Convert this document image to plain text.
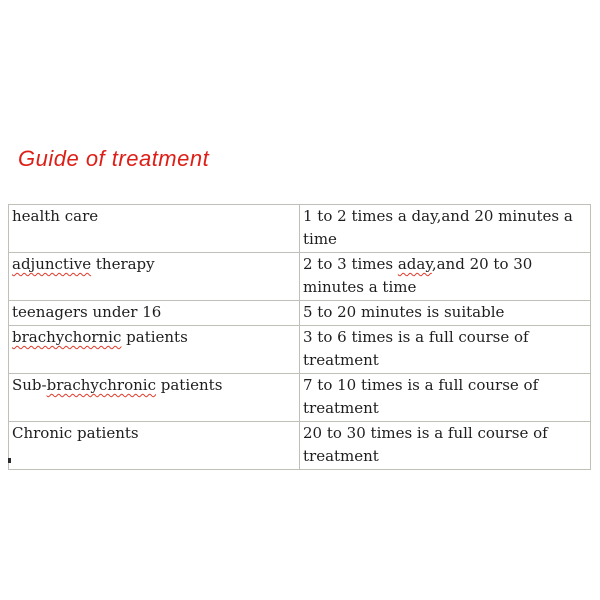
Guide of treatment
health care	1 to 2 times a day,and 20 minutes a time
adjunctive therapy	2 to 3 times aday,and 20 to 30 minutes a time
teenagers under 16	5 to 20 minutes is suitable
brachychornic patients	3 to 6 times is a full course of treatment
Sub-brachychronic patients	7 to 10 times is a full course of treatment
Chronic patients	20 to 30 times is a full course of treatment
